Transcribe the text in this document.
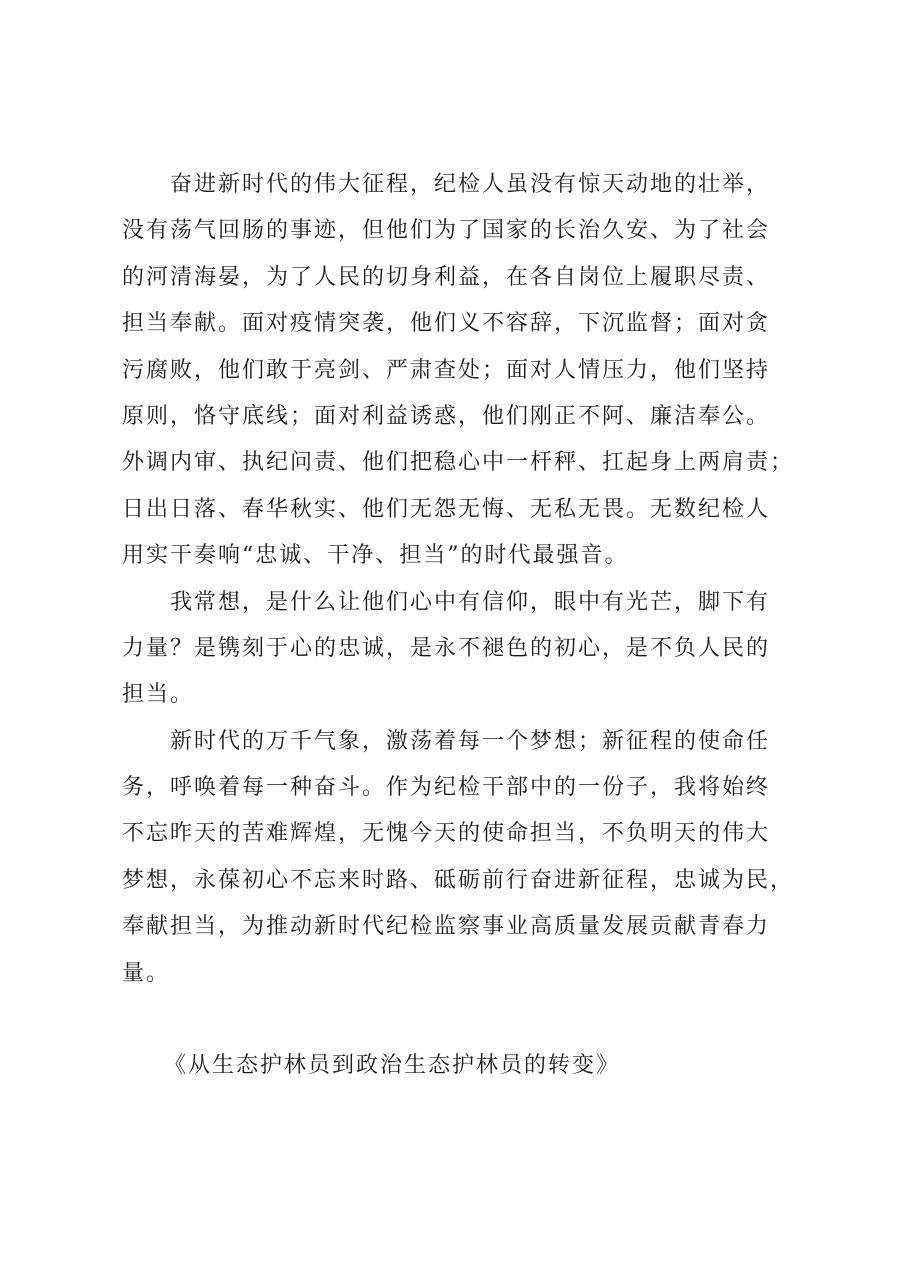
奋进新时代的伟大征程，纪检人虽没有惊天动地的壮举，
没有荡气回肠的事迹，但他们为了国家的长治久安、为了社会
的河清海晏，为了人民的切身利益，在各自岗位上履职尽责、
担当奉献。面对疫情突袭，他们义不容辞，下沉监督；面对贪
污腐败，他们敢于亮剑、严肃查处；面对人情压力，他们坚持
原则，恪守底线；面对利益诱惑，他们刚正不阿、廉洁奉公。
外调内审、执纪问责、他们把稳心中一杆秤、扛起身上两肩责；
日出日落、春华秋实、他们无怨无悔、无私无畏。无数纪检人
用实干奏响“忠诚、干净、担当”的时代最强音。
我常想，是什么让他们心中有信仰，眼中有光芒，脚下有
力量？是镌刻于心的忠诚，是永不褪色的初心，是不负人民的
担当。
新时代的万千气象，激荡着每一个梦想；新征程的使命任
务，呼唤着每一种奋斗。作为纪检干部中的一份子，我将始终
不忘昨天的苦难辉煌，无愧今天的使命担当，不负明天的伟大
梦想，永葆初心不忘来时路、砥砺前行奋进新征程，忠诚为民，
奉献担当，为推动新时代纪检监察事业高质量发展贡献青春力
量。

《从生态护林员到政治生态护林员的转变》
